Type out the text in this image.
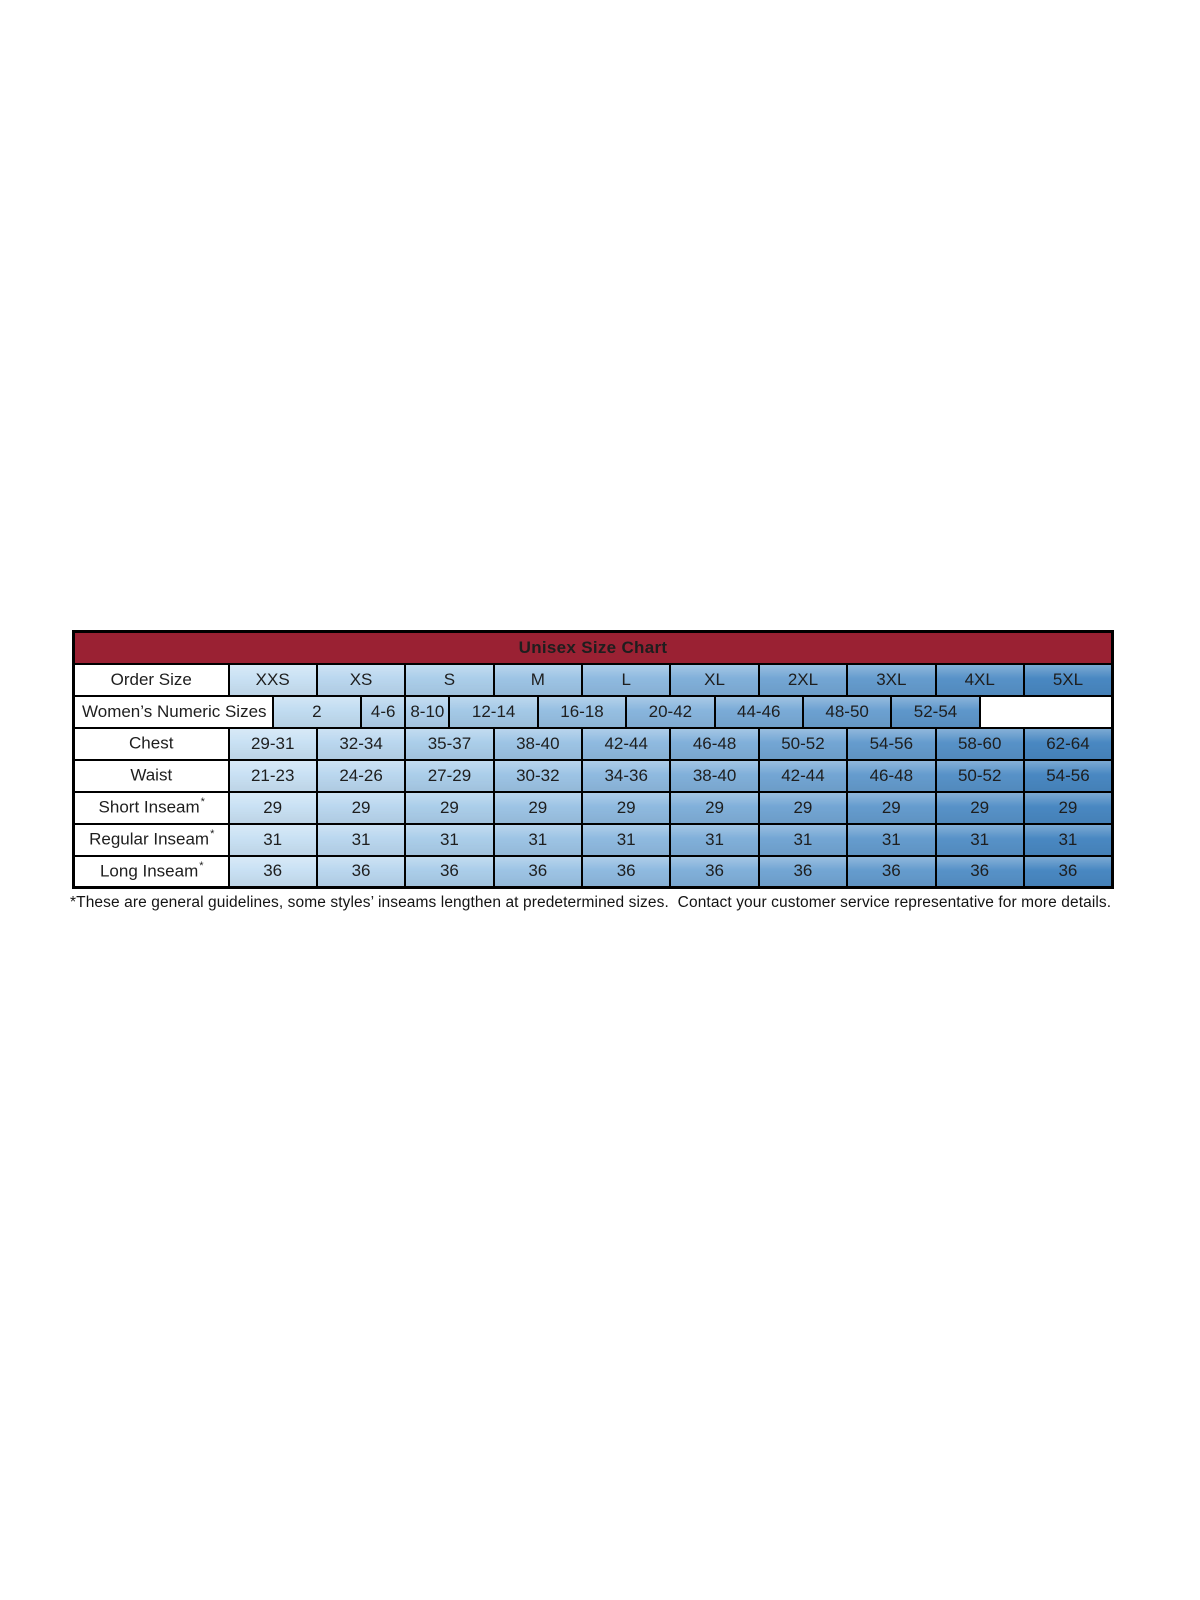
Unisex Size Chart																			
Order Size	XXS		XS		S		M		L		XL		2XL		3XL		4XL		5XL
Women’s Numeric Sizes		2		4-6	8-10	12-14		16-18		20-42		44-46		48-50		52-54			
Chest	29-31		32-34		35-37		38-40		42-44		46-48		50-52		54-56		58-60		62-64
Waist	21-23		24-26		27-29		30-32		34-36		38-40		42-44		46-48		50-52		54-56
Short Inseam*	29		29		29		29		29		29		29		29		29		29
Regular Inseam*	31		31		31		31		31		31		31		31		31		31
Long Inseam*	36		36		36		36		36		36		36		36		36		36
*These are general guidelines, some styles’ inseams lengthen at predetermined sizes.  Contact your customer service representative for more details.
